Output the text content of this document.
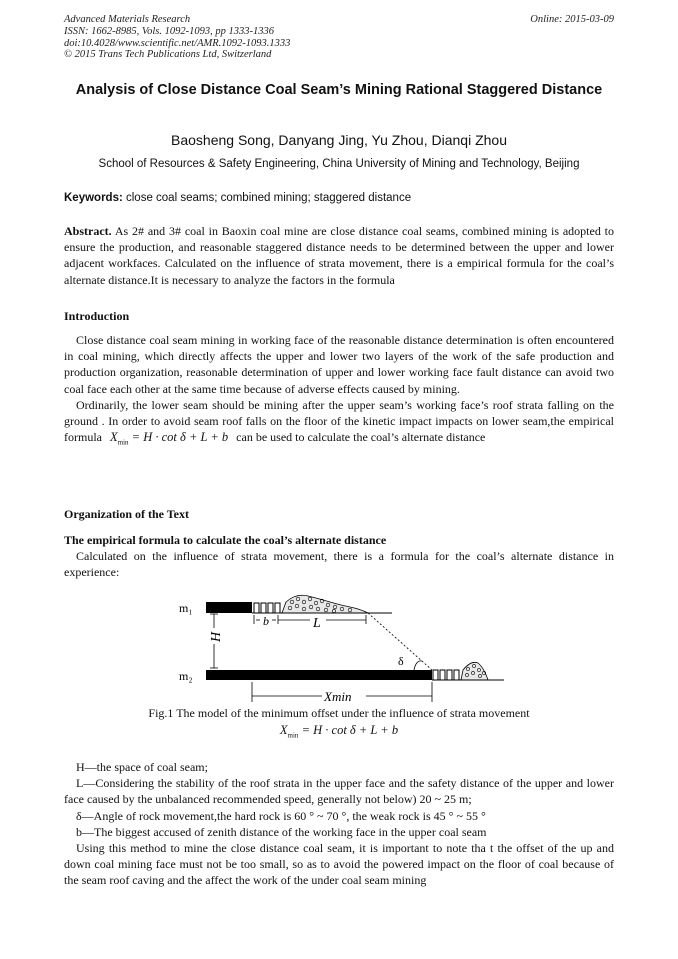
Advanced Materials Research
ISSN: 1662-8985, Vols. 1092-1093, pp 1333-1336
doi:10.4028/www.scientific.net/AMR.1092-1093.1333
© 2015 Trans Tech Publications Ltd, Switzerland
Online: 2015-03-09
Analysis of Close Distance Coal Seam’s Mining Rational Staggered Distance
Baosheng Song, Danyang Jing, Yu Zhou, Dianqi Zhou
School of Resources & Safety Engineering, China University of Mining and Technology, Beijing
Keywords: close coal seams; combined mining; staggered distance
Abstract. As 2# and 3# coal in Baoxin coal mine are close distance coal seams, combined mining is adopted to ensure the production, and reasonable staggered distance needs to be determined between the upper and lower adjacent workfaces. Calculated on the influence of strata movement, there is a empirical formula for the coal’s alternate distance.It is necessary to analyze the factors in the formula
Introduction
Close distance coal seam mining in working face of the reasonable distance determination is often encountered in coal mining, which directly affects the upper and lower two layers of the work of the safe production and production organization, reasonable determination of upper and lower working face fault distance can avoid two coal face each other at the same time because of adverse effects caused by mining.
Ordinarily, the lower seam should be mining after the upper seam’s working face’s roof strata falling on the ground . In order to avoid seam roof falls on the floor of the kinetic impact impacts on lower seam,the empirical formula $X_{min} = H \cdot \cot \delta + L + b$ can be used to calculate the coal’s alternate distance
Organization of the Text
The empirical formula to calculate the coal’s alternate distance
Calculated on the influence of strata movement, there is a formula for the coal’s alternate distance in experience:
b	L
m₁
m₂
H
δ
Xmin
Fig.1 The model of the minimum offset under the influence of strata movement
$X_{min} = H \cdot \cot \delta + L + b$

H—the space of coal seam;

L—Considering the stability of the roof strata in the upper face and the safety distance of the upper and lower face caused by the unbalanced recommended speed, generally not below) 20 ~ 25 m;

δ—Angle of rock movement,the hard rock is 60 ° ~ 70 °, the weak rock is 45 ° ~ 55 °

b—The biggest accused of zenith distance of the working face in the upper coal seam

Using this method to mine the close distance coal seam, it is important to note tha t the offset of the up and down coal mining face must not be too small, so as to avoid the powered impact on the floor of coal because of the seam roof caving and the affect the work of the under coal seam mining
